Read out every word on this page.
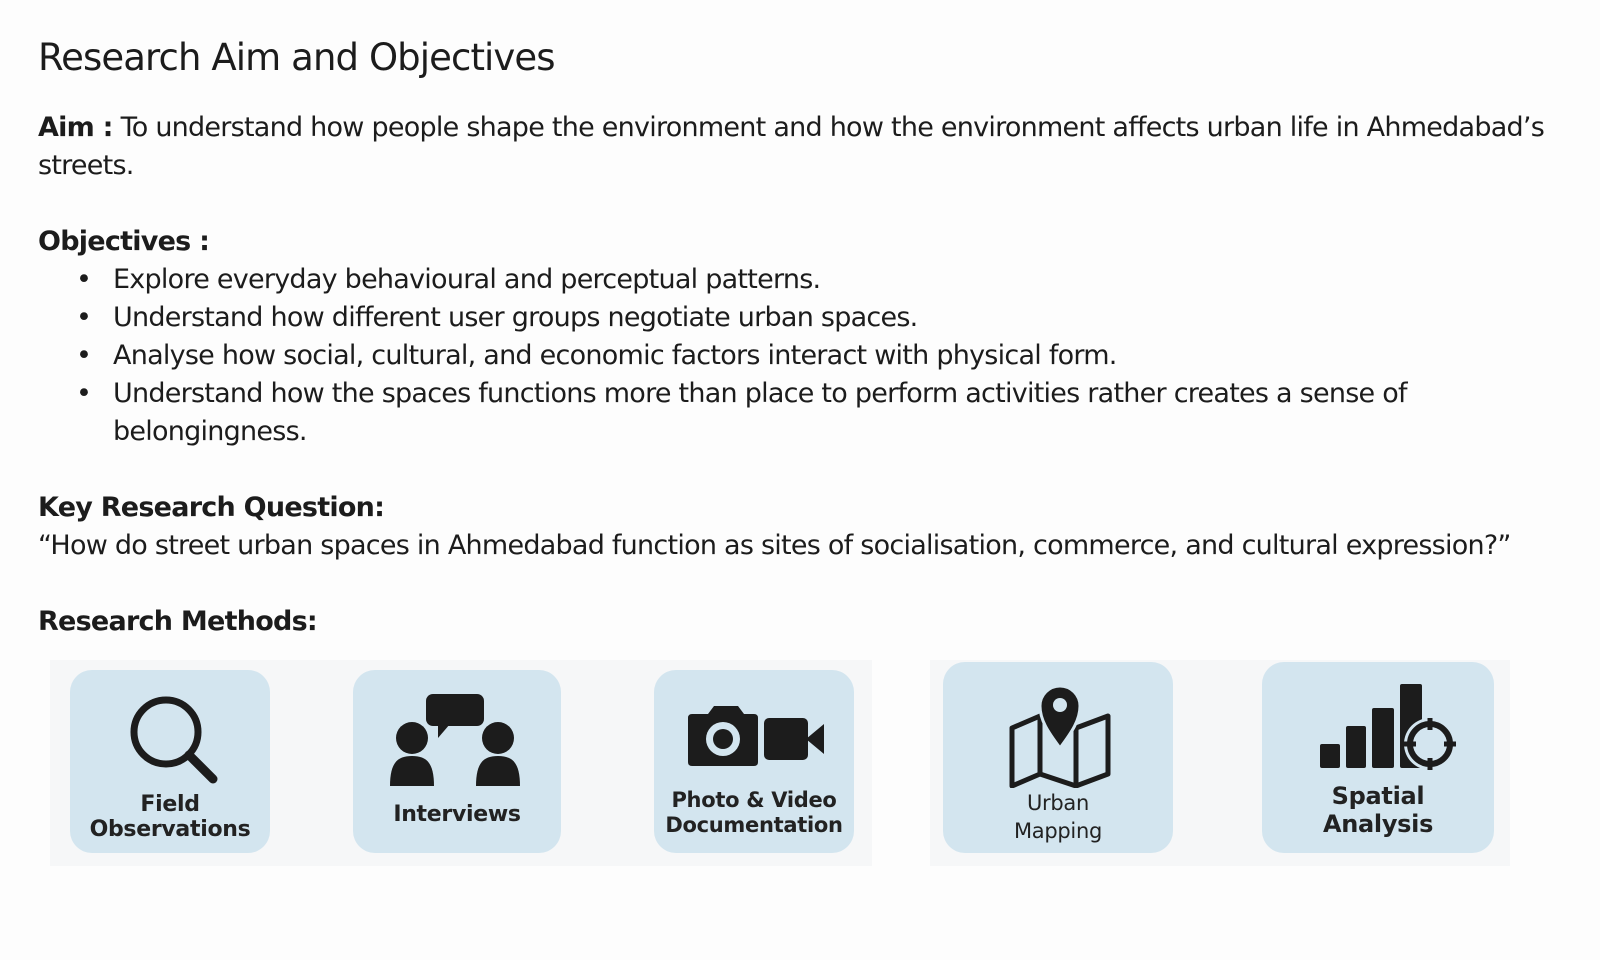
Research Aim and Objectives
Aim : To understand how people shape the environment and how the environment affects urban life in Ahmedabad’s streets.
Objectives :
• Explore everyday behavioural and perceptual patterns.
• Understand how different user groups negotiate urban spaces.
• Analyse how social, cultural, and economic factors interact with physical form.
• Understand how the spaces functions more than place to perform activities rather creates a sense of belongingness.
Key Research Question:
“How do street urban spaces in Ahmedabad function as sites of socialisation, commerce, and cultural expression?”
Research Methods:
Field
Observations
Interviews
Photo & Video
Documentation
Urban
Mapping
Spatial
Analysis
